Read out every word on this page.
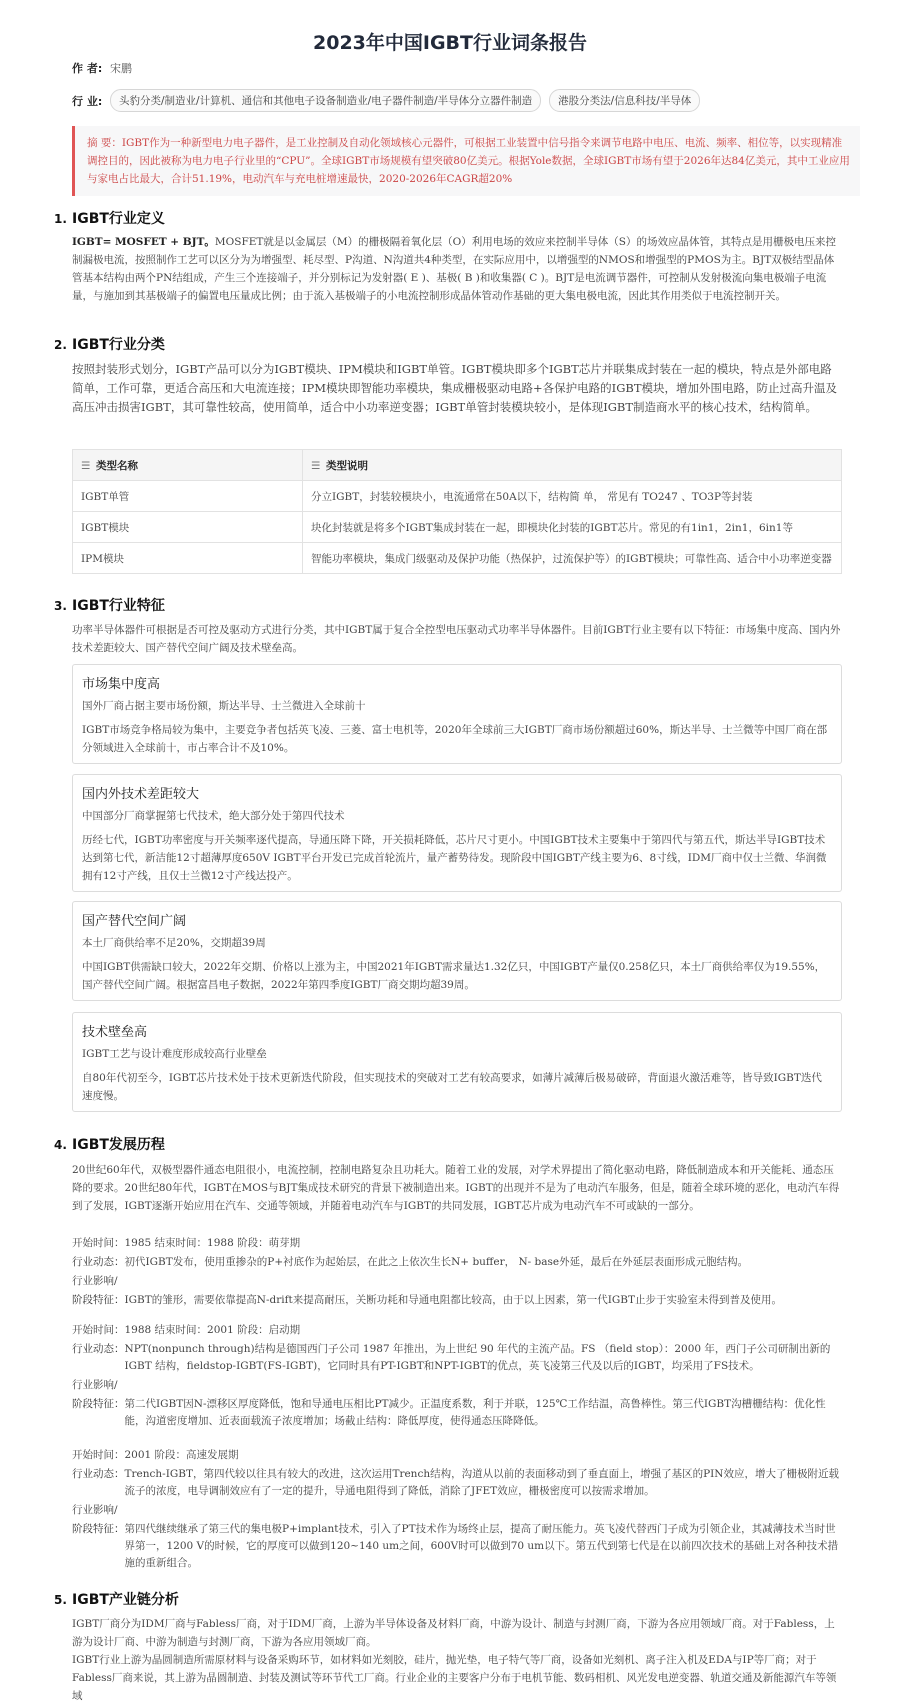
2023年中国IGBT行业词条报告
作 者: 宋鹏
行 业:	头豹分类/制造业/计算机、通信和其他电子设备制造业/电子器件制造/半导体分立器件制造	港股分类法/信息科技/半导体
摘 要：IGBT作为一种新型电力电子器件，是工业控制及自动化领域核心元器件，可根据工业装置中信号指令来调节电路中电压、电流、频率、相位等，以实现精准调控目的，因此被称为电力电子行业里的“CPU”。全球IGBT市场规模有望突破80亿美元。根据Yole数据，全球IGBT市场有望于2026年达84亿美元，其中工业应用与家电占比最大，合计51.19%，电动汽车与充电桩增速最快，2020-2026年CAGR超20%
1. IGBT行业定义
IGBT= MOSFET + BJT。MOSFET就是以金属层（M）的栅极隔着氧化层（O）利用电场的效应来控制半导体（S）的场效应晶体管，其特点是用栅极电压来控制漏极电流，按照制作工艺可以区分为为增强型、耗尽型、P沟道、N沟道共4种类型，在实际应用中，以增强型的NMOS和增强型的PMOS为主。BJT双极结型晶体管基本结构由两个PN结组成，产生三个连接端子，并分别标记为发射器( E )、基极( B )和收集器( C )。BJT是电流调节器件，可控制从发射极流向集电极端子电流量，与施加到其基极端子的偏置电压量成比例；由于流入基极端子的小电流控制形成晶体管动作基础的更大集电极电流，因此其作用类似于电流控制开关。
2. IGBT行业分类
按照封装形式划分，IGBT产品可以分为IGBT模块、IPM模块和IGBT单管。IGBT模块即多个IGBT芯片并联集成封装在一起的模块，特点是外部电路简单，工作可靠，更适合高压和大电流连接；IPM模块即智能功率模块，集成栅极驱动电路+各保护电路的IGBT模块，增加外围电路，防止过高升温及高压冲击损害IGBT，其可靠性较高，使用简单，适合中小功率逆变器；IGBT单管封装模块较小，是体现IGBT制造商水平的核心技术，结构简单。
☰ 类型名称	☰ 类型说明
IGBT单管	分立IGBT，封装较模块小，电流通常在50A以下，结构简 单， 常见有 TO247 、TO3P等封装
IGBT模块	块化封装就是将多个IGBT集成封装在一起，即模块化封装的IGBT芯片。常见的有1in1，2in1，6in1等
IPM模块	智能功率模块，集成门级驱动及保护功能（热保护，过流保护等）的IGBT模块；可靠性高、适合中小功率逆变器
3. IGBT行业特征
功率半导体器件可根据是否可控及驱动方式进行分类，其中IGBT属于复合全控型电压驱动式功率半导体器件。目前IGBT行业主要有以下特征：市场集中度高、国内外技术差距较大、国产替代空间广阔及技术壁垒高。
市场集中度高
国外厂商占据主要市场份额，斯达半导、士兰微进入全球前十
IGBT市场竞争格局较为集中，主要竞争者包括英飞凌、三菱、富士电机等，2020年全球前三大IGBT厂商市场份额超过60%，斯达半导、士兰微等中国厂商在部分领域进入全球前十，市占率合计不及10%。
国内外技术差距较大
中国部分厂商掌握第七代技术，绝大部分处于第四代技术
历经七代，IGBT功率密度与开关频率逐代提高，导通压降下降，开关损耗降低，芯片尺寸更小。中国IGBT技术主要集中于第四代与第五代，斯达半导IGBT技术达到第七代，新洁能12寸超薄厚度650V IGBT平台开发已完成首轮流片，量产蓄势待发。现阶段中国IGBT产线主要为6、8寸线，IDM厂商中仅士兰微、华润微拥有12寸产线，且仅士兰微12寸产线达投产。
国产替代空间广阔
本土厂商供给率不足20%，交期超39周
中国IGBT供需缺口较大，2022年交期、价格以上涨为主，中国2021年IGBT需求量达1.32亿只，中国IGBT产量仅0.258亿只，本土厂商供给率仅为19.55%，国产替代空间广阔。根据富昌电子数据，2022年第四季度IGBT厂商交期均超39周。
技术壁垒高
IGBT工艺与设计难度形成较高行业壁垒
自80年代初至今，IGBT芯片技术处于技术更新迭代阶段，但实现技术的突破对工艺有较高要求，如薄片减薄后极易破碎，背面退火激活难等，皆导致IGBT迭代速度慢。
4. IGBT发展历程
20世纪60年代，双极型器件通态电阻很小，电流控制，控制电路复杂且功耗大。随着工业的发展，对学术界提出了简化驱动电路，降低制造成本和开关能耗、通态压降的要求。20世纪80年代，IGBT在MOS与BJT集成技术研究的背景下被制造出来。IGBT的出现并不是为了电动汽车服务，但是，随着全球环境的恶化，电动汽车得到了发展，IGBT逐渐开始应用在汽车、交通等领域，并随着电动汽车与IGBT的共同发展，IGBT芯片成为电动汽车不可或缺的一部分。
开始时间：1985 结束时间：1988 阶段：萌芽期
行业动态： 初代IGBT发布，使用重掺杂的P+衬底作为起始层，在此之上依次生长N+ buffer， N- base外延，最后在外延层表面形成元胞结构。
行业影响/
阶段特征： IGBT的雏形，需要依靠提高N-drift来提高耐压，关断功耗和导通电阻都比较高，由于以上因素，第一代IGBT止步于实验室未得到普及使用。
开始时间：1988 结束时间：2001 阶段：启动期
行业动态： NPT(nonpunch through)结构是德国西门子公司 1987 年推出，为上世纪 90 年代的主流产品。FS （field stop）：2000 年，西门子公司研制出新的 IGBT 结构，fieldstop-IGBT(FS-IGBT)，它同时具有PT-IGBT和NPT-IGBT的优点，英飞凌第三代及以后的IGBT，均采用了FS技术。
行业影响/
阶段特征： 第二代IGBT因N-漂移区厚度降低，饱和导通电压相比PT减少。正温度系数，利于并联，125℃工作结温，高鲁棒性。第三代IGBT沟槽栅结构：优化性能，沟道密度增加、近表面载流子浓度增加；场截止结构：降低厚度，使得通态压降降低。
开始时间：2001 阶段：高速发展期
行业动态： Trench-IGBT，第四代较以往具有较大的改进，这次运用Trench结构，沟道从以前的表面移动到了垂直面上，增强了基区的PIN效应，增大了栅极附近载流子的浓度，电导调制效应有了一定的提升，导通电阻得到了降低，消除了JFET效应，栅极密度可以按需求增加。
行业影响/
阶段特征： 第四代继续继承了第三代的集电极P+implant技术，引入了PT技术作为场终止层，提高了耐压能力。英飞凌代替西门子成为引领企业，其减薄技术当时世界第一，1200 V的时候，它的厚度可以做到120~140 um之间，600V时可以做到70 um以下。第五代到第七代是在以前四次技术的基础上对各种技术措施的重新组合。
5. IGBT产业链分析
IGBT厂商分为IDM厂商与Fabless厂商，对于IDM厂商，上游为半导体设备及材料厂商，中游为设计、制造与封测厂商，下游为各应用领域厂商。对于Fabless，上游为设计厂商、中游为制造与封测厂商，下游为各应用领域厂商。
IGBT行业上游为晶圆制造所需原材料与设备采购环节，如材料如光刻胶，硅片，抛光垫，电子特气等厂商，设备如光刻机、离子注入机及EDA与IP等厂商；对于Fabless厂商来说，其上游为晶圆制造、封装及测试等环节代工厂商。行业企业的主要客户分布于电机节能、数码相机、风光发电逆变器、轨道交通及新能源汽车等领域
